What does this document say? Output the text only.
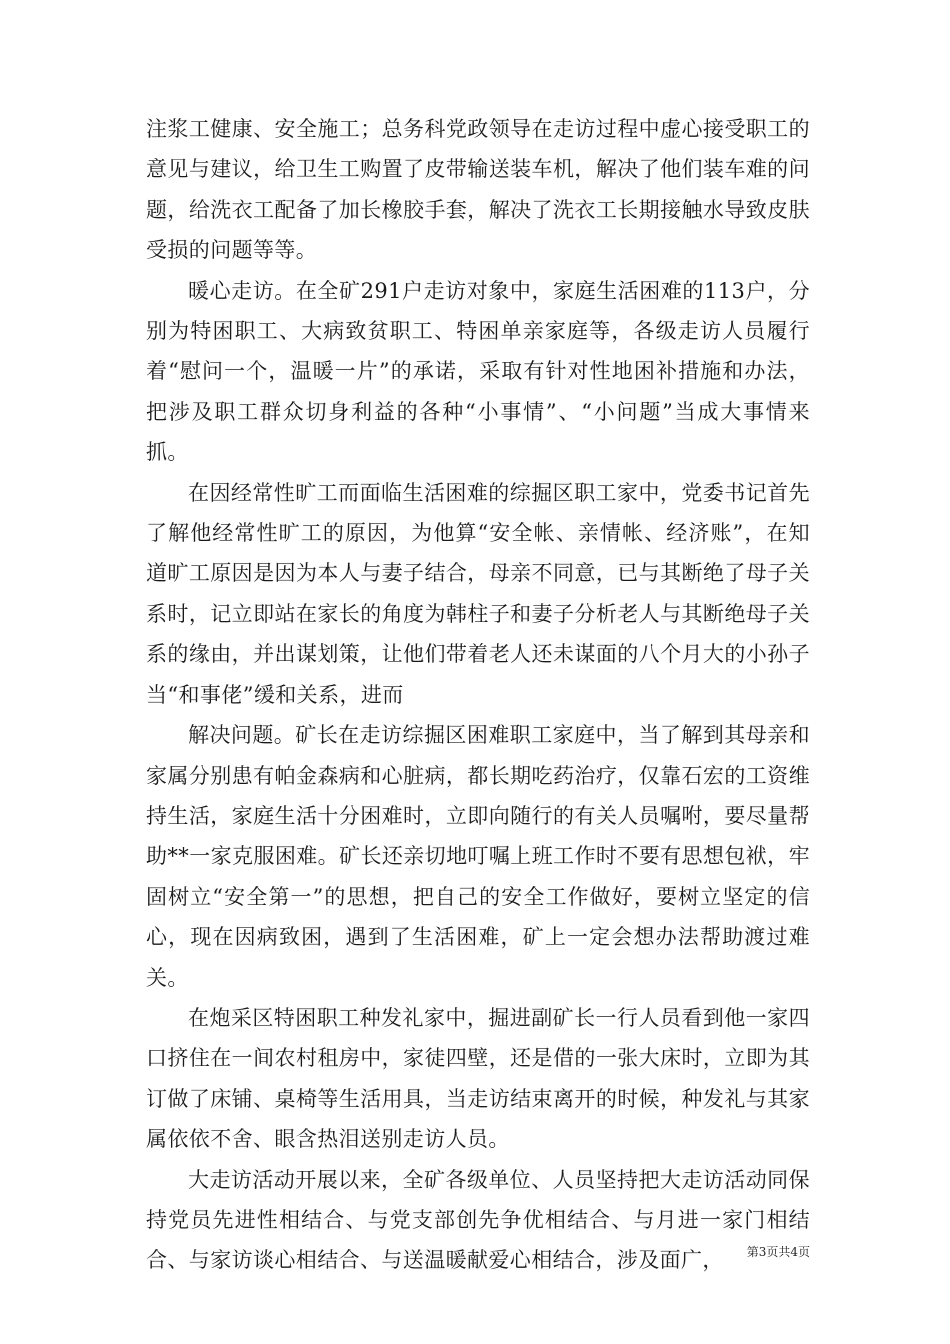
注浆工健康、安全施工；总务科党政领导在走访过程中虚心接受职工的意见与建议，给卫生工购置了皮带输送装车机，解决了他们装车难的问题，给洗衣工配备了加长橡胶手套，解决了洗衣工长期接触水导致皮肤受损的问题等等。

暖心走访。在全矿291户走访对象中，家庭生活困难的113户，分别为特困职工、大病致贫职工、特困单亲家庭等，各级走访人员履行着“慰问一个，温暖一片”的承诺，采取有针对性地困补措施和办法，把涉及职工群众切身利益的各种“小事情”、“小问题”当成大事情来抓。

在因经常性旷工而面临生活困难的综掘区职工家中，党委书记首先了解他经常性旷工的原因，为他算“安全帐、亲情帐、经济账”，在知道旷工原因是因为本人与妻子结合，母亲不同意，已与其断绝了母子关系时，记立即站在家长的角度为韩柱子和妻子分析老人与其断绝母子关系的缘由，并出谋划策，让他们带着老人还未谋面的八个月大的小孙子当“和事佬”缓和关系，进而

解决问题。矿长在走访综掘区困难职工家庭中，当了解到其母亲和家属分别患有帕金森病和心脏病，都长期吃药治疗，仅靠石宏的工资维持生活，家庭生活十分困难时，立即向随行的有关人员嘱咐，要尽量帮助**一家克服困难。矿长还亲切地叮嘱上班工作时不要有思想包袱，牢固树立“安全第一”的思想，把自己的安全工作做好，要树立坚定的信心，现在因病致困，遇到了生活困难，矿上一定会想办法帮助渡过难关。

在炮采区特困职工种发礼家中，掘进副矿长一行人员看到他一家四口挤住在一间农村租房中，家徒四壁，还是借的一张大床时，立即为其订做了床铺、桌椅等生活用具，当走访结束离开的时候，种发礼与其家属依依不舍、眼含热泪送别走访人员。

大走访活动开展以来，全矿各级单位、人员坚持把大走访活动同保持党员先进性相结合、与党支部创先争优相结合、与月进一家门相结合、与家访谈心相结合、与送温暖献爱心相结合，涉及面广，	第3页共4页
